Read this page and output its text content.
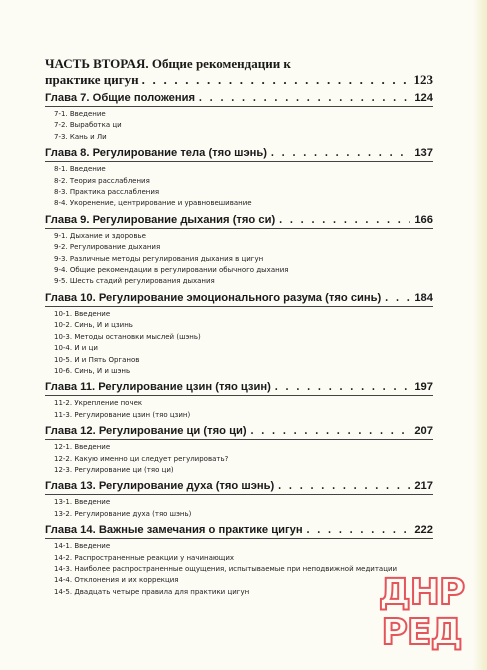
ЧАСТЬ ВТОРАЯ. Общие рекомендации к
практике цигун . . .	123
Глава 7. Общие положения . . .	124
7-1. Введение
7-2. Выработка ци
7-3. Кань и Ли
Глава 8. Регулирование тела (тяо шэнь) . . .	137
8-1. Введение
8-2. Теория расслабления
8-3. Практика расслабления
8-4. Укоренение, центрирование и уравновешивание
Глава 9. Регулирование дыхания (тяо си) . . .	166
9-1. Дыхание и здоровье
9-2. Регулирование дыхания
9-3. Различные методы регулирования дыхания в цигун
9-4. Общие рекомендации в регулировании обычного дыхания
9-5. Шесть стадий регулирования дыхания
Глава 10. Регулирование эмоционального разума (тяо синь) . . .	184
10-1. Введение
10-2. Синь, И и цзинь
10-3. Методы остановки мыслей (шэнь)
10-4. И и ци
10-5. И и Пять Органов
10-6. Синь, И и шэнь
Глава 11. Регулирование цзин (тяо цзин) . . .	197
11-2. Укрепление почек
11-3. Регулирование цзин (тяо цзин)
Глава 12. Регулирование ци (тяо ци) . . .	207
12-1. Введение
12-2. Какую именно ци следует регулировать?
12-3. Регулирование ци (тяо ци)
Глава 13. Регулирование духа (тяо шэнь) . . .	217
13-1. Введение
13-2. Регулирование духа (тяо шэнь)
Глава 14. Важные замечания о практике цигун . . .	222
14-1. Введение
14-2. Распространенные реакции у начинающих
14-3. Наиболее распространенные ощущения, испытываемые при неподвижной медитации
14-4. Отклонения и их коррекция
14-5. Двадцать четыре правила для практики цигун	ДНР
РЕД
